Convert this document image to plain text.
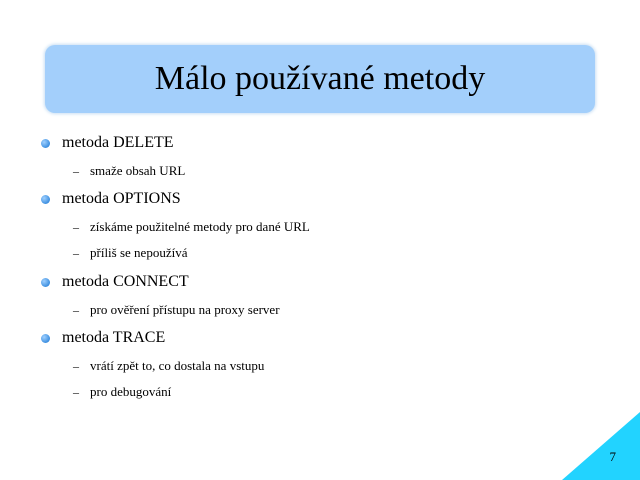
Málo používané metody
metoda DELETE
– smaže obsah URL
metoda OPTIONS
– získáme použitelné metody pro dané URL
– příliš se nepoužívá
metoda CONNECT
– pro ověření přístupu na proxy server
metoda TRACE
– vrátí zpět to, co dostala na vstupu
– pro debugování
7
